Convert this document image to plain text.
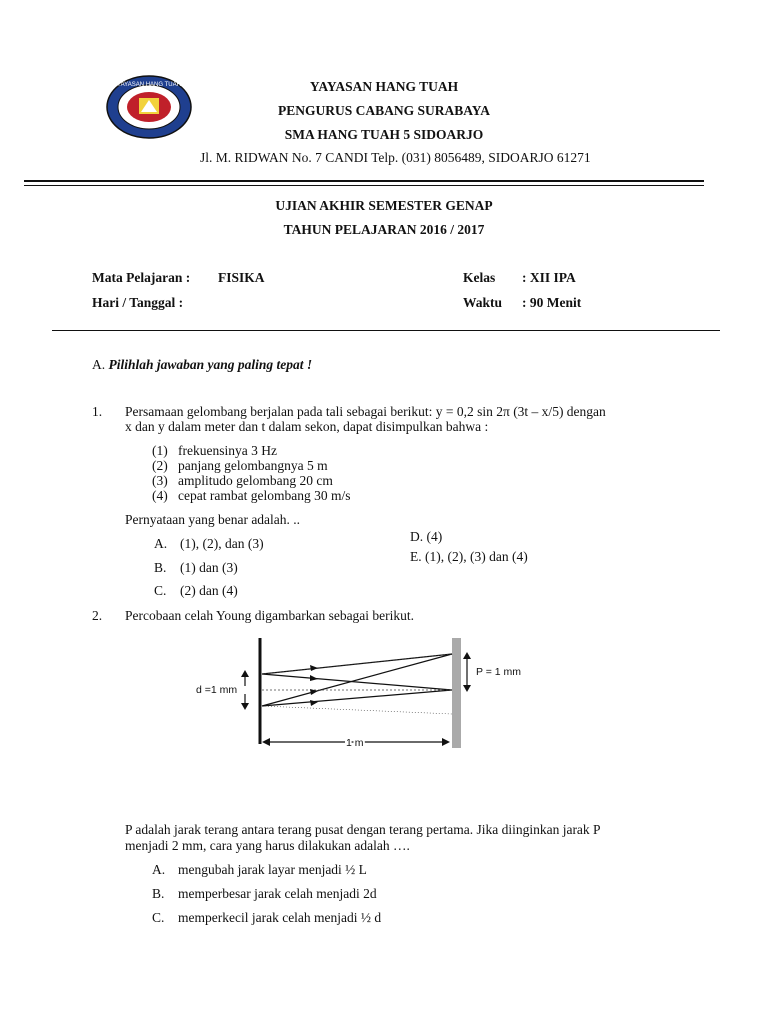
YAYASAN HANG TUAH	YAYASAN HANG TUAH
PENGURUS CABANG SURABAYA
SMA HANG TUAH 5 SIDOARJO
Jl. M. RIDWAN No. 7 CANDI Telp. (031) 8056489, SIDOARJO 61271
UJIAN AKHIR SEMESTER GENAP
TAHUN PELAJARAN 2016 / 2017
Mata Pelajaran : FISIKA	Kelas : XII IPA
Hari / Tanggal :	Waktu : 90 Menit
A. Pilihlah jawaban yang paling tepat !
1. Persamaan gelombang berjalan pada tali sebagai berikut: y = 0,2 sin 2π (3t – x/5) dengan
x dan y dalam meter dan t dalam sekon, dapat disimpulkan bahwa :
(1) frekuensinya 3 Hz
(2) panjang gelombangnya 5 m
(3) amplitudo gelombang 20 cm
(4) cepat rambat gelombang 30 m/s
Pernyataan yang benar adalah. ..
A. (1), (2), dan (3)
B. (1) dan (3)
C. (2) dan (4)
D. (4)
E. (1), (2), (3) dan (4)
2. Percobaan celah Young digambarkan sebagai berikut.
d =1 mm
P = 1 mm
1 m
P adalah jarak terang antara terang pusat dengan terang pertama. Jika diinginkan jarak P
menjadi 2 mm, cara yang harus dilakukan adalah ….
A. mengubah jarak layar menjadi ½ L
B. memperbesar jarak celah menjadi 2d
C. memperkecil jarak celah menjadi ½ d
